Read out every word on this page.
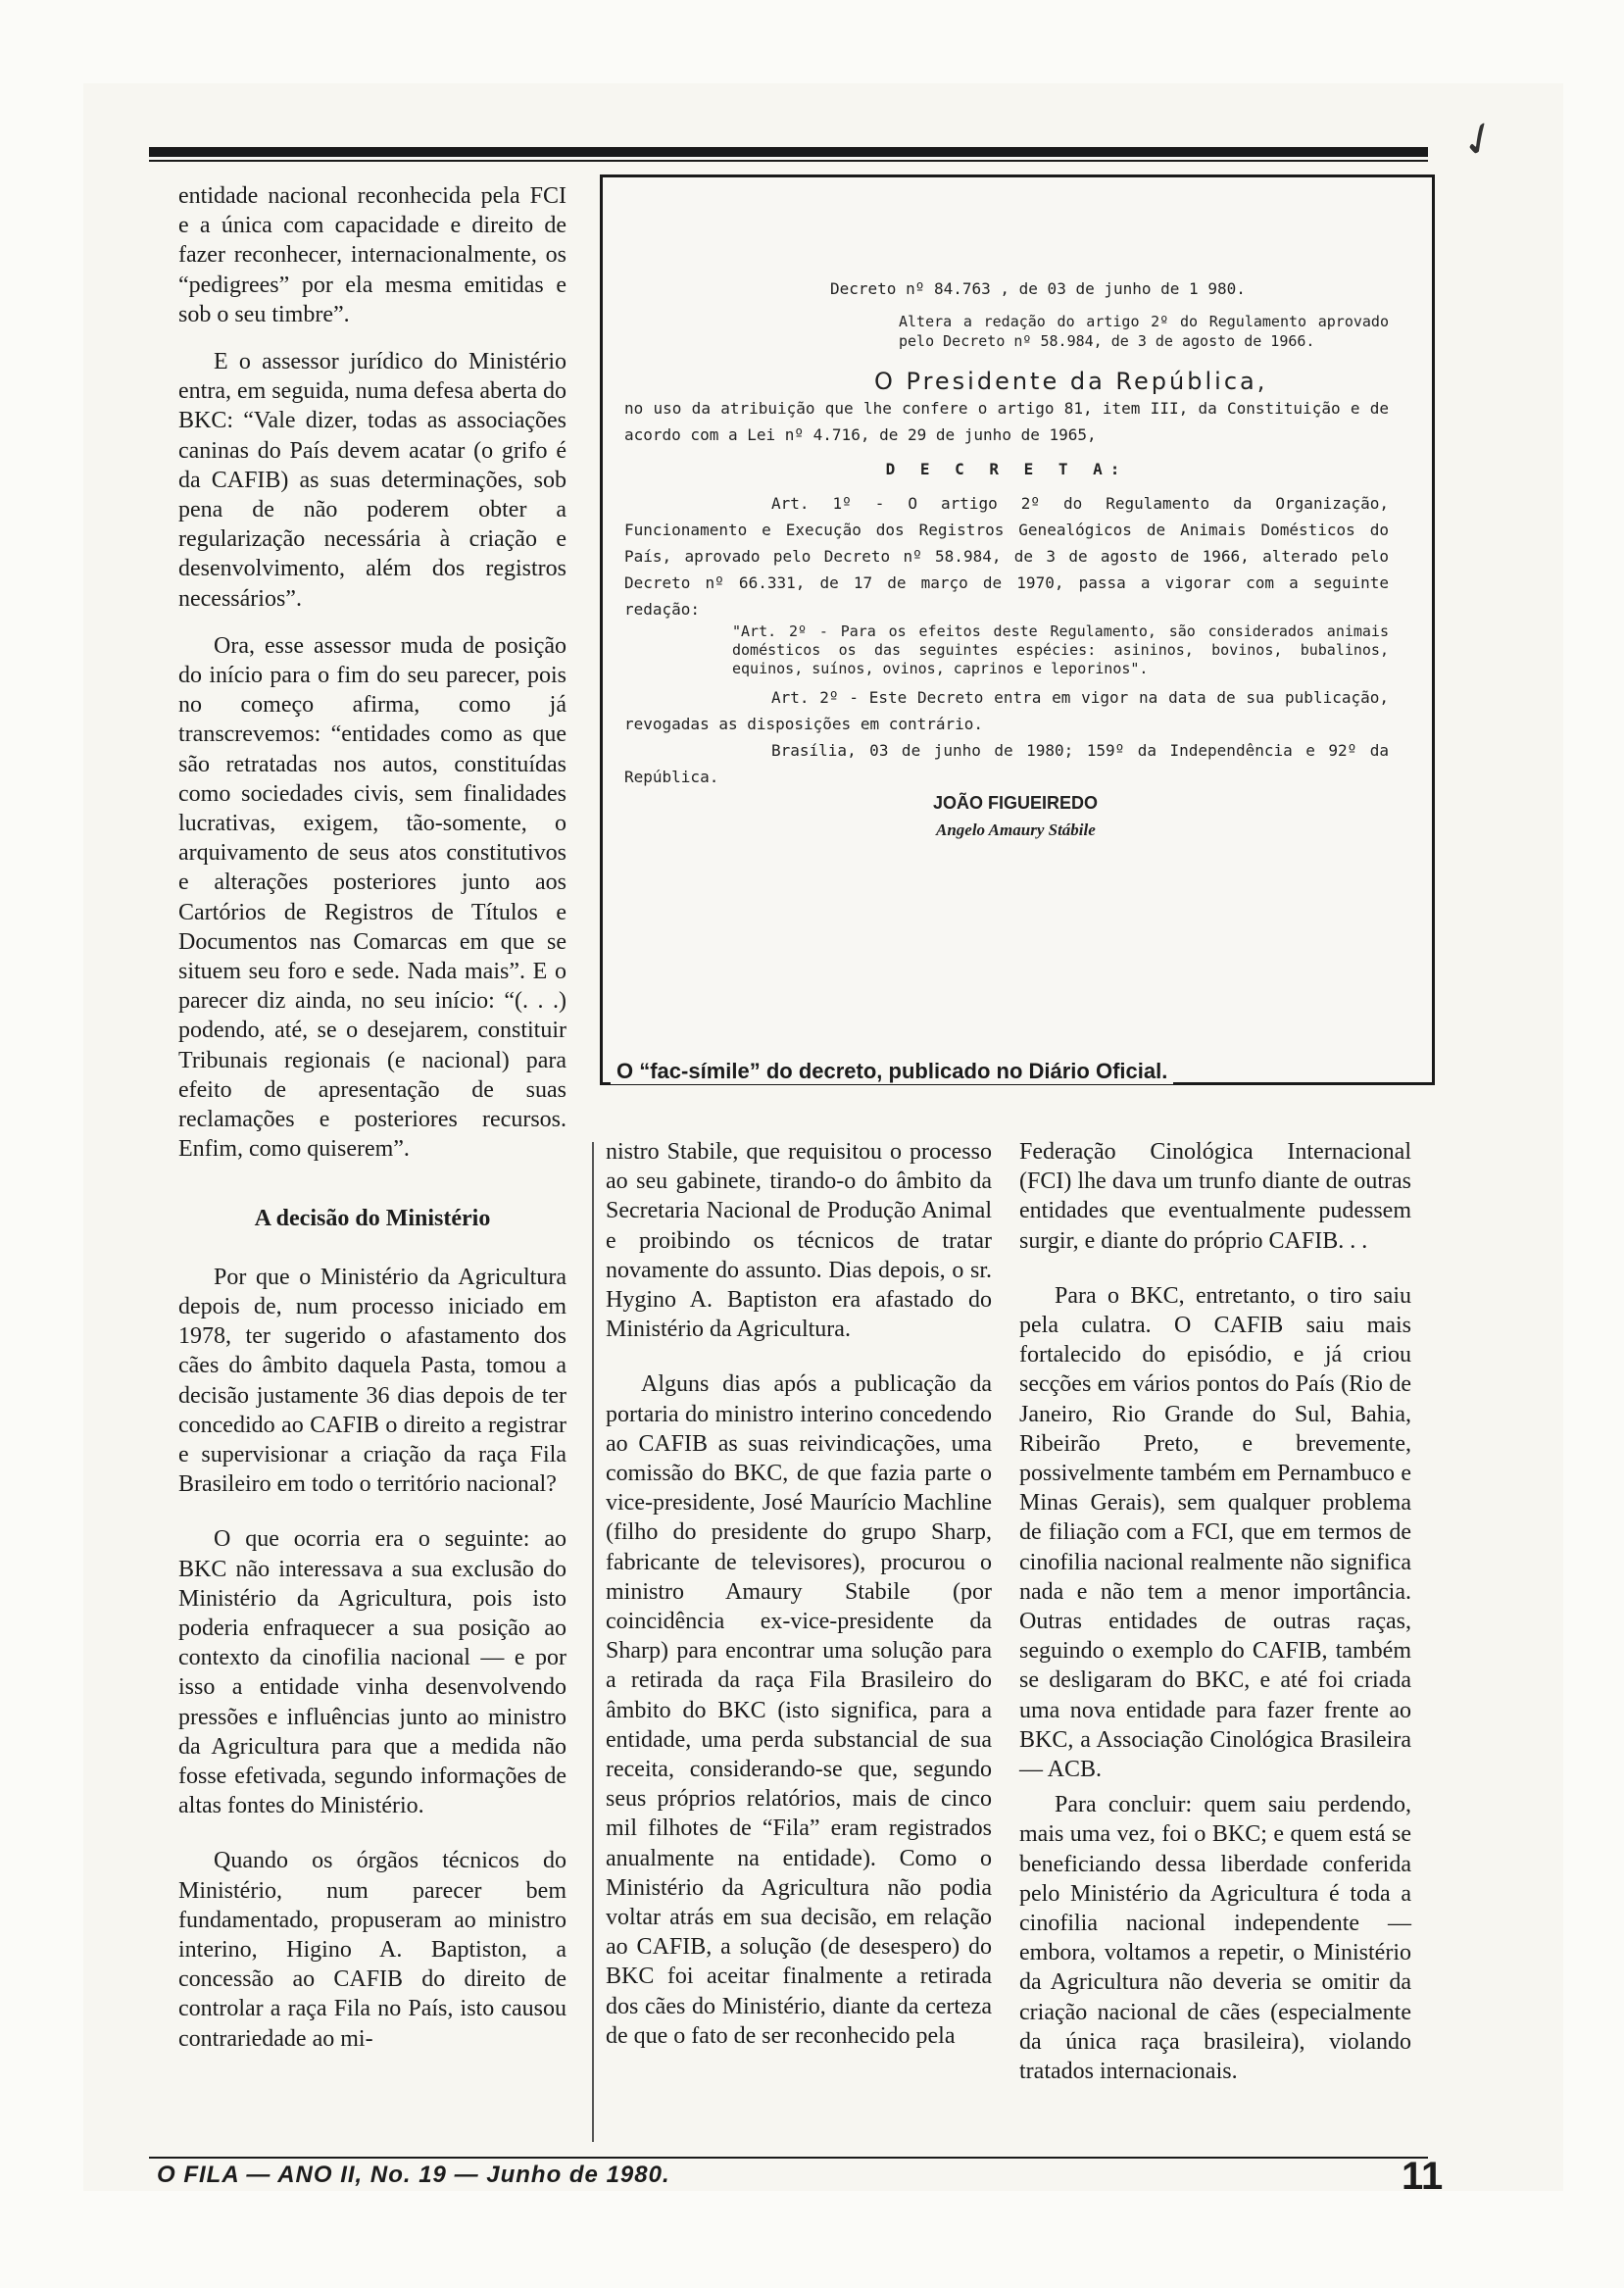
✓

entidade nacional reconhecida pela FCI e a única com capacidade e direito de fazer reconhecer, internacionalmente, os “pedigrees” por ela mesma emitidas e sob o seu timbre”.

E o assessor jurídico do Ministério entra, em seguida, numa defesa aberta do BKC: “Vale dizer, todas as associações caninas do País devem acatar (o grifo é da CAFIB) as suas determinações, sob pena de não poderem obter a regularização necessária à criação e desenvolvimento, além dos registros necessários”.

Ora, esse assessor muda de posição do início para o fim do seu parecer, pois no começo afirma, como já transcrevemos: “entidades como as que são retratadas nos autos, constituídas como sociedades civis, sem finalidades lucrativas, exigem, tão-somente, o arquivamento de seus atos constitutivos e alterações posteriores junto aos Cartórios de Registros de Títulos e Documentos nas Comarcas em que se situem seu foro e sede. Nada mais”. E o parecer diz ainda, no seu início: “(. . .) podendo, até, se o desejarem, constituir Tribunais regionais (e nacional) para efeito de apresentação de suas reclamações e posteriores recursos. Enfim, como quiserem”.

A decisão do Ministério

Por que o Ministério da Agricultura depois de, num processo iniciado em 1978, ter sugerido o afastamento dos cães do âmbito daquela Pasta, tomou a decisão justamente 36 dias depois de ter concedido ao CAFIB o direito a registrar e supervisionar a criação da raça Fila Brasileiro em todo o território nacional?

O que ocorria era o seguinte: ao BKC não interessava a sua exclusão do Ministério da Agricultura, pois isto poderia enfraquecer a sua posição ao contexto da cinofilia nacional — e por isso a entidade vinha desenvolvendo pressões e influências junto ao ministro da Agricultura para que a medida não fosse efetivada, segundo informações de altas fontes do Ministério.

Quando os órgãos técnicos do Ministério, num parecer bem fundamentado, propuseram ao ministro interino, Higino A. Baptiston, a concessão ao CAFIB do direito de controlar a raça Fila no País, isto causou contrariedade ao mi-

Decreto nº 84.763 , de 03 de junho de 1 980.
Altera a redação do artigo 2º do Regulamento aprovado pelo Decreto nº 58.984, de 3 de agosto de 1966.
O Presidente da República,
no uso da atribuição que lhe confere o artigo 81, item III, da Constituição e de acordo com a Lei nº 4.716, de 29 de junho de 1965,
D E C R E T A:
Art. 1º - O artigo 2º do Regulamento da Organização, Funcionamento e Execução dos Registros Genealógicos de Animais Domésticos do País, aprovado pelo Decreto nº 58.984, de 3 de agosto de 1966, alterado pelo Decreto nº 66.331, de 17 de março de 1970, passa a vigorar com a seguinte redação:
"Art. 2º - Para os efeitos deste Regulamento, são considerados animais domésticos os das seguintes espécies: asininos, bovinos, bubalinos, equinos, suínos, ovinos, caprinos e leporinos".
Art. 2º - Este Decreto entra em vigor na data de sua publicação, revogadas as disposições em contrário.
Brasília, 03 de junho de 1980; 159º da Independência e 92º da República.
JOÃO FIGUEIREDO
Angelo Amaury Stábile
O “fac-símile” do decreto, publicado no Diário Oficial.

nistro Stabile, que requisitou o processo ao seu gabinete, tirando-o do âmbito da Secretaria Nacional de Produção Animal e proibindo os técnicos de tratar novamente do assunto. Dias depois, o sr. Hygino A. Baptiston era afastado do Ministério da Agricultura.

Alguns dias após a publicação da portaria do ministro interino concedendo ao CAFIB as suas reivindicações, uma comissão do BKC, de que fazia parte o vice-presidente, José Maurício Machline (filho do presidente do grupo Sharp, fabricante de televisores), procurou o ministro Amaury Stabile (por coincidência ex-vice-presidente da Sharp) para encontrar uma solução para a retirada da raça Fila Brasileiro do âmbito do BKC (isto significa, para a entidade, uma perda substancial de sua receita, considerando-se que, segundo seus próprios relatórios, mais de cinco mil filhotes de “Fila” eram registrados anualmente na entidade). Como o Ministério da Agricultura não podia voltar atrás em sua decisão, em relação ao CAFIB, a solução (de desespero) do BKC foi aceitar finalmente a retirada dos cães do Ministério, diante da certeza de que o fato de ser reconhecido pela

Federação Cinológica Internacional (FCI) lhe dava um trunfo diante de outras entidades que eventualmente pudessem surgir, e diante do próprio CAFIB. . .

Para o BKC, entretanto, o tiro saiu pela culatra. O CAFIB saiu mais fortalecido do episódio, e já criou secções em vários pontos do País (Rio de Janeiro, Rio Grande do Sul, Bahia, Ribeirão Preto, e brevemente, possivelmente também em Pernambuco e Minas Gerais), sem qualquer problema de filiação com a FCI, que em termos de cinofilia nacional realmente não significa nada e não tem a menor importância. Outras entidades de outras raças, seguindo o exemplo do CAFIB, também se desligaram do BKC, e até foi criada uma nova entidade para fazer frente ao BKC, a Associação Cinológica Brasileira — ACB.

Para concluir: quem saiu perdendo, mais uma vez, foi o BKC; e quem está se beneficiando dessa liberdade conferida pelo Ministério da Agricultura é toda a cinofilia nacional independente — embora, voltamos a repetir, o Ministério da Agricultura não deveria se omitir da criação nacional de cães (especialmente da única raça brasileira), violando tratados internacionais.

O FILA — ANO II, No. 19 — Junho de 1980.	11
